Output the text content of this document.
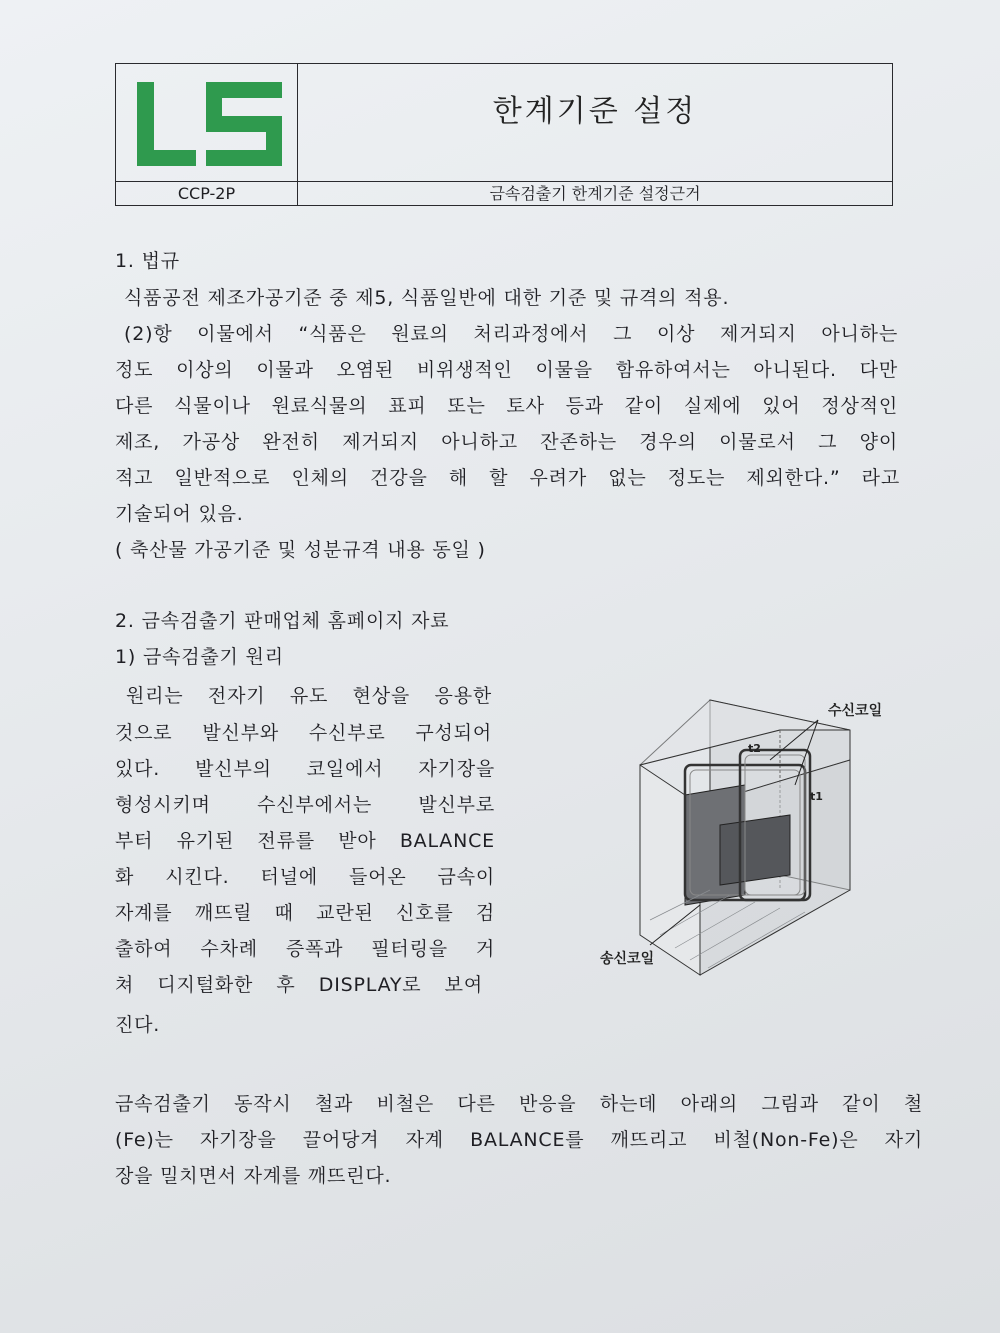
한계기준 설정
CCP-2P	금속검출기 한계기준 설정근거
1. 법규
식품공전 제조가공기준 중 제5, 식품일반에 대한 기준 및 규격의 적용.
(2)항 이물에서 “식품은 원료의 처리과정에서 그 이상 제거되지 아니하는
정도 이상의 이물과 오염된 비위생적인 이물을 함유하여서는 아니된다. 다만
다른 식물이나 원료식물의 표피 또는 토사 등과 같이 실제에 있어 정상적인
제조, 가공상 완전히 제거되지 아니하고 잔존하는 경우의 이물로서 그 양이
적고 일반적으로 인체의 건강을 해 할 우려가 없는 정도는 제외한다.” 라고
기술되어 있음.
( 축산물 가공기준 및 성분규격 내용 동일 )
2. 금속검출기 판매업체 홈페이지 자료
1) 금속검출기 원리
원리는 전자기 유도 현상을 응용한
것으로 발신부와 수신부로 구성되어
있다. 발신부의 코일에서 자기장을
형성시키며 수신부에서는 발신부로
부터 유기된 전류를 받아 BALANCE
화 시킨다. 터널에 들어온 금속이
자계를 깨뜨릴 때 교란된 신호를 검
출하여 수차례 증폭과 필터링을 거
쳐 디지털화한 후 DISPLAY로 보여
진다.
금속검출기 동작시 철과 비철은 다른 반응을 하는데 아래의 그림과 같이 철
(Fe)는 자기장을 끌어당겨 자계 BALANCE를 깨뜨리고 비철(Non-Fe)은 자기
장을 밀치면서 자계를 깨뜨린다.
수신코일
송신코일
t2
t1
